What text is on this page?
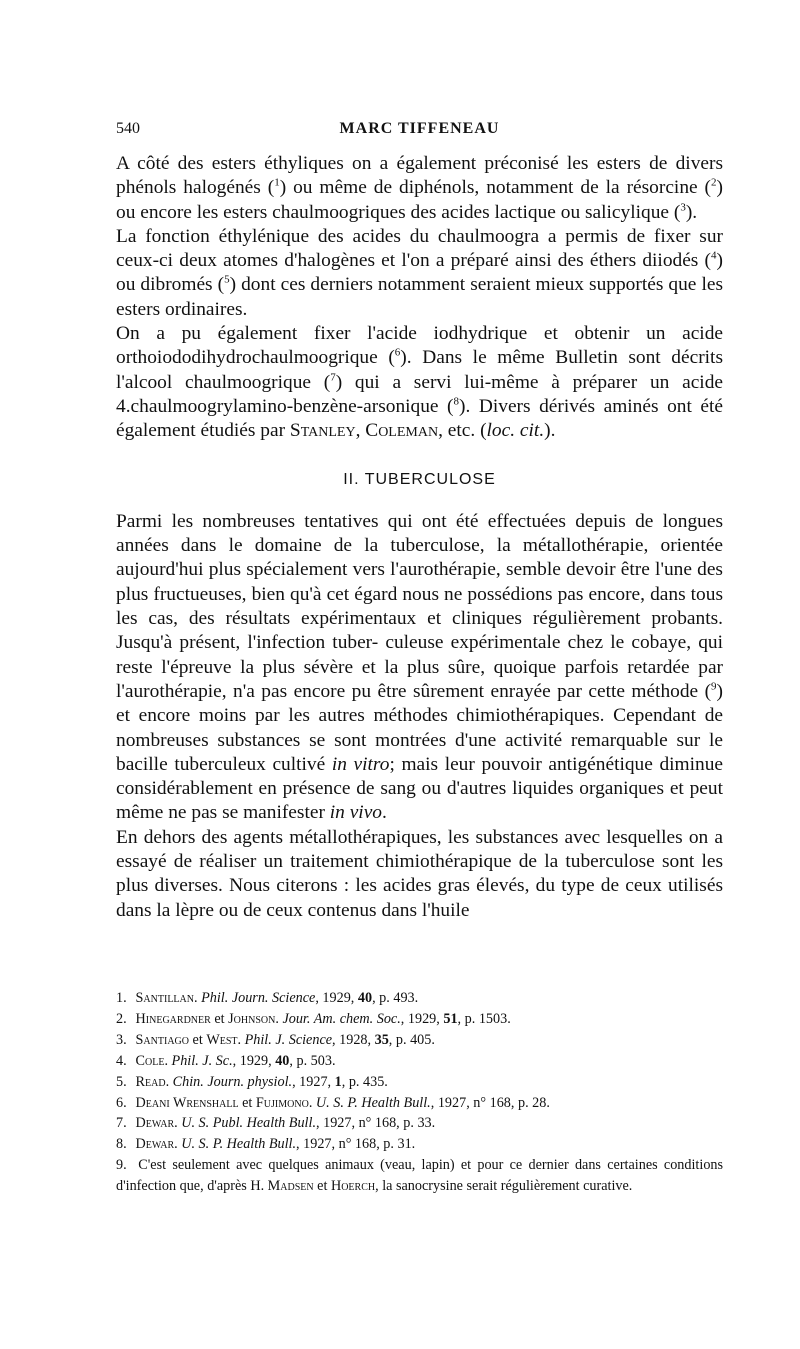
540	MARC TIFFENEAU

A côté des esters éthyliques on a également préconisé les esters de divers phénols halogénés ($^1$) ou même de diphénols, notamment de la résorcine ($^2$) ou encore les esters chaulmoogriques des acides lactique ou salicylique ($^3$).

La fonction éthylénique des acides du chaulmoogra a permis de fixer sur ceux-ci deux atomes d'halogènes et l'on a préparé ainsi des éthers diiodés ($^4$) ou dibromés ($^5$) dont ces derniers notamment seraient mieux supportés que les esters ordinaires.

On a pu également fixer l'acide iodhydrique et obtenir un acide orthoiododihydrochaulmoogrique ($^6$). Dans le même Bulletin sont décrits l'alcool chaulmoogrique ($^7$) qui a servi lui-même à préparer un acide 4.chaulmoogrylamino-benzène-arsonique ($^8$). Divers dérivés aminés ont été également étudiés par Stanley, Coleman, etc. (loc. cit.).

II. TUBERCULOSE

Parmi les nombreuses tentatives qui ont été effectuées depuis de longues années dans le domaine de la tuberculose, la métallothérapie, orientée aujourd'hui plus spécialement vers l'aurothérapie, semble devoir être l'une des plus fructueuses, bien qu'à cet égard nous ne possédions pas encore, dans tous les cas, des résultats expérimentaux et cliniques régulièrement probants. Jusqu'à présent, l'infection tuber- culeuse expérimentale chez le cobaye, qui reste l'épreuve la plus sévère et la plus sûre, quoique parfois retardée par l'aurothérapie, n'a pas encore pu être sûrement enrayée par cette méthode ($^9$) et encore moins par les autres méthodes chimiothérapiques. Cependant de nombreuses substances se sont montrées d'une activité remarquable sur le bacille tuberculeux cultivé in vitro; mais leur pouvoir antigénétique diminue considérablement en présence de sang ou d'autres liquides organiques et peut même ne pas se manifester in vivo.

En dehors des agents métallothérapiques, les substances avec lesquelles on a essayé de réaliser un traitement chimiothérapique de la tuberculose sont les plus diverses. Nous citerons : les acides gras élevés, du type de ceux utilisés dans la lèpre ou de ceux contenus dans l'huile

1. Santillan. Phil. Journ. Science, 1929, 40, p. 493.
2. Hinegardner et Johnson. Jour. Am. chem. Soc., 1929, 51, p. 1503.
3. Santiago et West. Phil. J. Science, 1928, 35, p. 405.
4. Cole. Phil. J. Sc., 1929, 40, p. 503.
5. Read. Chin. Journ. physiol., 1927, 1, p. 435.
6. Deani Wrenshall et Fujimono. U. S. P. Health Bull., 1927, n° 168, p. 28.
7. Dewar. U. S. Publ. Health Bull., 1927, n° 168, p. 33.
8. Dewar. U. S. P. Health Bull., 1927, n° 168, p. 31.
9. C'est seulement avec quelques animaux (veau, lapin) et pour ce dernier dans certaines conditions d'infection que, d'après H. Madsen et Hoerch, la sanocrysine serait régulièrement curative.
